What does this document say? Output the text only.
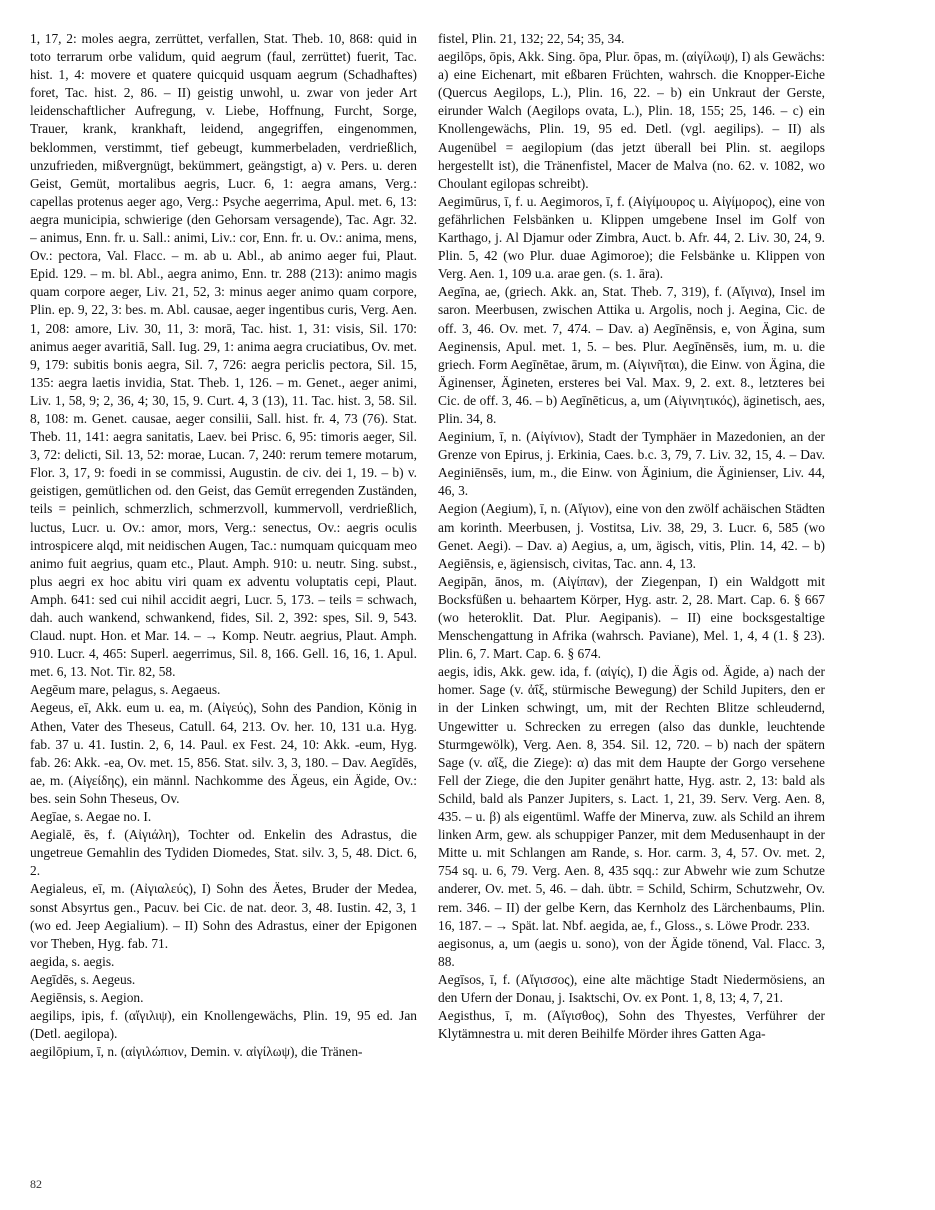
1, 17, 2: moles aegra, zerrüttet, verfallen, Stat. Theb. 10, 868: quid in toto terrarum orbe validum, quid aegrum (faul, zerrüttet) fuerit, Tac. hist. 1, 4: movere et quatere quicquid usquam aegrum (Schadhaftes) foret, Tac. hist. 2, 86. – II) geistig unwohl, u. zwar von jeder Art leidenschaftlicher Aufregung, v. Liebe, Hoffnung, Furcht, Sorge, Trauer, krank, krankhaft, leidend, angegriffen, eingenommen, beklommen, verstimmt, tief gebeugt, kummerbeladen, verdrießlich, unzufrieden, mißvergnügt, bekümmert, geängstigt, a) v. Pers. u. deren Geist, Gemüt, mortalibus aegris, Lucr. 6, 1: aegra amans, Verg.: capellas protenus aeger ago, Verg.: Psyche aegerrima, Apul. met. 6, 13: aegra municipia, schwierige (den Gehorsam versagende), Tac. Agr. 32. – animus, Enn. fr. u. Sall.: animi, Liv.: cor, Enn. fr. u. Ov.: anima, mens, Ov.: pectora, Val. Flacc. – m. ab u. Abl., ab animo aeger fui, Plaut. Epid. 129. – m. bl. Abl., aegra animo, Enn. tr. 288 (213): animo magis quam corpore aeger, Liv. 21, 52, 3: minus aeger animo quam corpore, Plin. ep. 9, 22, 3: bes. m. Abl. causae, aeger ingentibus curis, Verg. Aen. 1, 208: amore, Liv. 30, 11, 3: morā, Tac. hist. 1, 31: visis, Sil. 170: animus aeger avaritiā, Sall. Iug. 29, 1: anima aegra cruciatibus, Ov. met. 9, 179: subitis bonis aegra, Sil. 7, 726: aegra periclis pectora, Sil. 15, 135: aegra laetis invidia, Stat. Theb. 1, 126. – m. Genet., aeger animi, Liv. 1, 58, 9; 2, 36, 4; 30, 15, 9. Curt. 4, 3 (13), 11. Tac. hist. 3, 58. Sil. 8, 108: m. Genet. causae, aeger consilii, Sall. hist. fr. 4, 73 (76). Stat. Theb. 11, 141: aegra sanitatis, Laev. bei Prisc. 6, 95: timoris aeger, Sil. 3, 72: delicti, Sil. 13, 52: morae, Lucan. 7, 240: rerum temere motarum, Flor. 3, 17, 9: foedi in se commissi, Augustin. de civ. dei 1, 19. – b) v. geistigen, gemütlichen od. den Geist, das Gemüt erregenden Zuständen, teils = peinlich, schmerzlich, schmerzvoll, kummervoll, verdrießlich, luctus, Lucr. u. Ov.: amor, mors, Verg.: senectus, Ov.: aegris oculis introspicere alqd, mit neidischen Augen, Tac.: numquam quicquam meo animo fuit aegrius, quam etc., Plaut. Amph. 910: u. neutr. Sing. subst., plus aegri ex hoc abitu viri quam ex adventu voluptatis cepi, Plaut. Amph. 641: sed cui nihil accidit aegri, Lucr. 5, 173. – teils = schwach, dah. auch wankend, schwankend, fides, Sil. 2, 392: spes, Sil. 9, 543. Claud. nupt. Hon. et Mar. 14. – → Komp. Neutr. aegrius, Plaut. Amph. 910. Lucr. 4, 465: Superl. aegerrimus, Sil. 8, 166. Gell. 16, 16, 1. Apul. met. 6, 13. Not. Tir. 82, 58.
Aegēum mare, pelagus, s. Aegaeus.
Aegeus, eī, Akk. eum u. ea, m. (Αἰγεύς), Sohn des Pandion, König in Athen, Vater des Theseus, Catull. 64, 213. Ov. her. 10, 131 u.a. Hyg. fab. 37 u. 41. Iustin. 2, 6, 14. Paul. ex Fest. 24, 10: Akk. -eum, Hyg. fab. 26: Akk. -ea, Ov. met. 15, 856. Stat. silv. 3, 3, 180. – Dav. Aegīdēs, ae, m. (Αἰγείδης), ein männl. Nachkomme des Ägeus, ein Ägide, Ov.: bes. sein Sohn Theseus, Ov.
Aegīae, s. Aegae no. I.
Aegialē, ēs, f. (Αἰγιάλη), Tochter od. Enkelin des Adrastus, die ungetreue Gemahlin des Tydiden Diomedes, Stat. silv. 3, 5, 48. Dict. 6, 2.
Aegialeus, eī, m. (Αἰγιαλεύς), I) Sohn des Äetes, Bruder der Medea, sonst Absyrtus gen., Pacuv. bei Cic. de nat. deor. 3, 48. Iustin. 42, 3, 1 (wo ed. Jeep Aegialium). – II) Sohn des Adrastus, einer der Epigonen vor Theben, Hyg. fab. 71.
aegida, s. aegis.
Aegīdēs, s. Aegeus.
Aegiēnsis, s. Aegion.
aegilips, ipis, f. (αἴγιλιψ), ein Knollengewächs, Plin. 19, 95 ed. Jan (Detl. aegilopa).
aegilōpium, ī, n. (αἰγιλώπιον, Demin. v. αἰγίλωψ), die Tränen-
fistel, Plin. 21, 132; 22, 54; 35, 34.
aegilōps, ōpis, Akk. Sing. ōpa, Plur. ōpas, m. (αἰγίλωψ), I) als Gewächs: a) eine Eichenart, mit eßbaren Früchten, wahrsch. die Knopper-Eiche (Quercus Aegilops, L.), Plin. 16, 22. – b) ein Unkraut der Gerste, eirunder Walch (Aegilops ovata, L.), Plin. 18, 155; 25, 146. – c) ein Knollengewächs, Plin. 19, 95 ed. Detl. (vgl. aegilips). – II) als Augenübel = aegilopium (das jetzt überall bei Plin. st. aegilops hergestellt ist), die Tränenfistel, Macer de Malva (no. 62. v. 1082, wo Choulant egilopas schreibt).
Aegimūrus, ī, f. u. Aegimoros, ī, f. (Αἰγίμουρος u. Αἰγίμορος), eine von gefährlichen Felsbänken u. Klippen umgebene Insel im Golf von Karthago, j. Al Djamur oder Zimbra, Auct. b. Afr. 44, 2. Liv. 30, 24, 9. Plin. 5, 42 (wo Plur. duae Agimoroe); die Felsbänke u. Klippen von Verg. Aen. 1, 109 u.a. arae gen. (s. 1. āra).
Aegīna, ae, (griech. Akk. an, Stat. Theb. 7, 319), f. (Αἴγινα), Insel im saron. Meerbusen, zwischen Attika u. Argolis, noch j. Aegina, Cic. de off. 3, 46. Ov. met. 7, 474. – Dav. a) Aegīnēnsis, e, von Ägina, sum Aeginensis, Apul. met. 1, 5. – bes. Plur. Aegīnēnsēs, ium, m. u. die griech. Form Aegīnētae, ārum, m. (Αἰγινῆται), die Einw. von Ägina, die Äginenser, Ägineten, ersteres bei Val. Max. 9, 2. ext. 8., letzteres bei Cic. de off. 3, 46. – b) Aegīnēticus, a, um (Αἰγινητικός), äginetisch, aes, Plin. 34, 8.
Aeginium, ī, n. (Αἰγίνιον), Stadt der Tymphäer in Mazedonien, an der Grenze von Epirus, j. Erkinia, Caes. b.c. 3, 79, 7. Liv. 32, 15, 4. – Dav. Aeginiēnsēs, ium, m., die Einw. von Äginium, die Äginienser, Liv. 44, 46, 3.
Aegion (Aegium), ī, n. (Αἴγιον), eine von den zwölf achäischen Städten am korinth. Meerbusen, j. Vostitsa, Liv. 38, 29, 3. Lucr. 6, 585 (wo Genet. Aegi). – Dav. a) Aegius, a, um, ägisch, vitis, Plin. 14, 42. – b) Aegiēnsis, e, ägiensisch, civitas, Tac. ann. 4, 13.
Aegipān, ānos, m. (Αἰγίπαν), der Ziegenpan, I) ein Waldgott mit Bocksfüßen u. behaartem Körper, Hyg. astr. 2, 28. Mart. Cap. 6. § 667 (wo heteroklit. Dat. Plur. Aegipanis). – II) eine bocksgestaltige Menschengattung in Afrika (wahrsch. Paviane), Mel. 1, 4, 4 (1. § 23). Plin. 6, 7. Mart. Cap. 6. § 674.
aegis, idis, Akk. gew. ida, f. (αἰγίς), I) die Ägis od. Ägide, a) nach der homer. Sage (v. ἀΐξ, stürmische Bewegung) der Schild Jupiters, den er in der Linken schwingt, um, mit der Rechten Blitze schleudernd, Ungewitter u. Schrecken zu erregen (also das dunkle, leuchtende Sturmgewölk), Verg. Aen. 8, 354. Sil. 12, 720. – b) nach der spätern Sage (v. αἴξ, die Ziege): α) das mit dem Haupte der Gorgo versehene Fell der Ziege, die den Jupiter genährt hatte, Hyg. astr. 2, 13: bald als Schild, bald als Panzer Jupiters, s. Lact. 1, 21, 39. Serv. Verg. Aen. 8, 435. – u. β) als eigentüml. Waffe der Minerva, zuw. als Schild an ihrem linken Arm, gew. als schuppiger Panzer, mit dem Medusenhaupt in der Mitte u. mit Schlangen am Rande, s. Hor. carm. 3, 4, 57. Ov. met. 2, 754 sq. u. 6, 79. Verg. Aen. 8, 435 sqq.: zur Abwehr wie zum Schutze anderer, Ov. met. 5, 46. – dah. übtr. = Schild, Schirm, Schutzwehr, Ov. rem. 346. – II) der gelbe Kern, das Kernholz des Lärchenbaums, Plin. 16, 187. – → Spät. lat. Nbf. aegida, ae, f., Gloss., s. Löwe Prodr. 233.
aegisonus, a, um (aegis u. sono), von der Ägide tönend, Val. Flacc. 3, 88.
Aegīsos, ī, f. (Αἴγισσος), eine alte mächtige Stadt Niedermösiens, an den Ufern der Donau, j. Isaktschi, Ov. ex Pont. 1, 8, 13; 4, 7, 21.
Aegisthus, ī, m. (Αἴγισθος), Sohn des Thyestes, Verführer der Klytämnestra u. mit deren Beihilfe Mörder ihres Gatten Aga-
82
